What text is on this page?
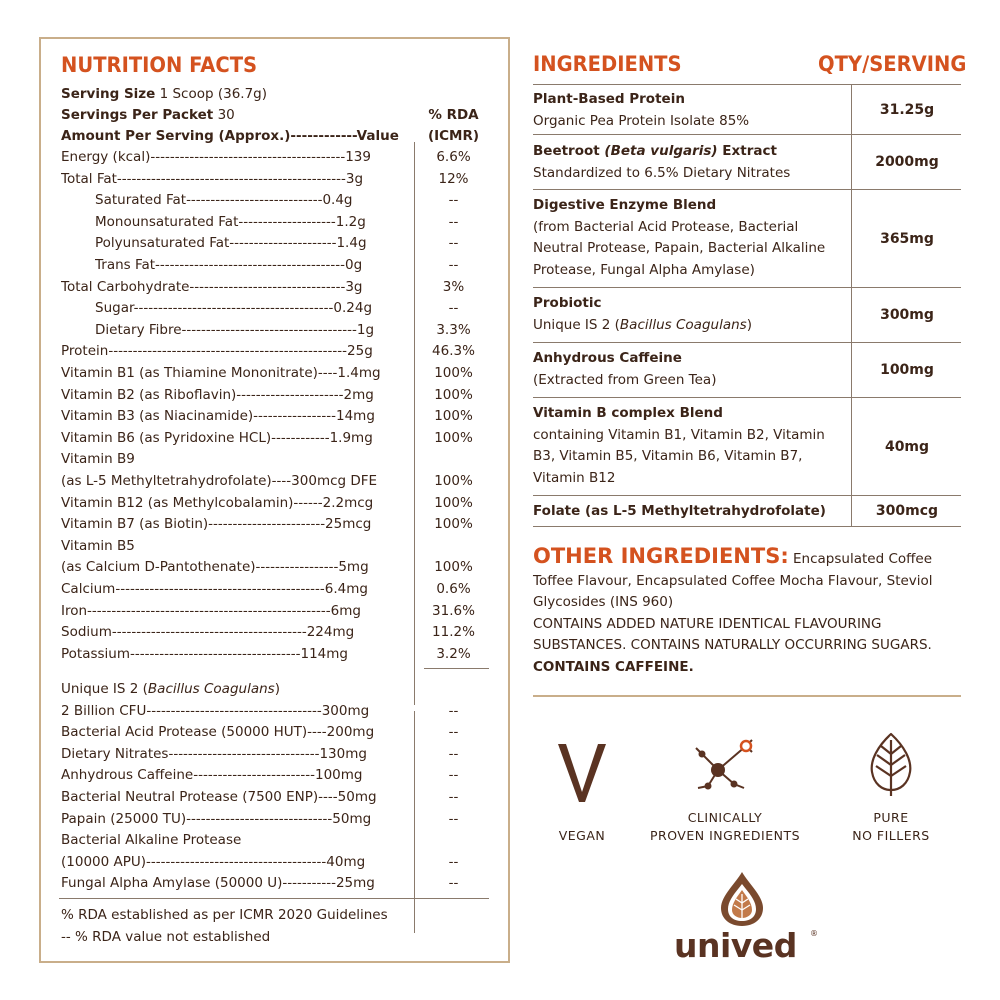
NUTRITION FACTS
Serving Size 1 Scoop (36.7g)
Servings Per Packet 30	% RDA
Amount Per Serving (Approx.)------------Value	(ICMR)
Energy (kcal)----------------------------------------139	6.6%
Total Fat-----------------------------------------------3g	12%
Saturated Fat----------------------------0.4g	--
Monounsaturated Fat--------------------1.2g	--
Polyunsaturated Fat----------------------1.4g	--
Trans Fat---------------------------------------0g	--
Total Carbohydrate--------------------------------3g	3%
Sugar-----------------------------------------0.24g	--
Dietary Fibre------------------------------------1g	3.3%
Protein-------------------------------------------------25g	46.3%
Vitamin B1 (as Thiamine Mononitrate)----1.4mg	100%
Vitamin B2 (as Riboflavin)----------------------2mg	100%
Vitamin B3 (as Niacinamide)-----------------14mg	100%
Vitamin B6 (as Pyridoxine HCL)------------1.9mg	100%
Vitamin B9
(as L-5 Methyltetrahydrofolate)----300mcg DFE	100%
Vitamin B12 (as Methylcobalamin)------2.2mcg	100%
Vitamin B7 (as Biotin)------------------------25mcg	100%
Vitamin B5
(as Calcium D-Pantothenate)-----------------5mg	100%
Calcium-------------------------------------------6.4mg	0.6%
Iron--------------------------------------------------6mg	31.6%
Sodium----------------------------------------224mg	11.2%
Potassium-----------------------------------114mg	3.2%
Unique IS 2 (Bacillus Coagulans)
2 Billion CFU------------------------------------300mg	--
Bacterial Acid Protease (50000 HUT)----200mg	--
Dietary Nitrates-------------------------------130mg	--
Anhydrous Caffeine-------------------------100mg	--
Bacterial Neutral Protease (7500 ENP)----50mg	--
Papain (25000 TU)------------------------------50mg	--
Bacterial Alkaline Protease
(10000 APU)-------------------------------------40mg	--
Fungal Alpha Amylase (50000 U)-----------25mg	--
% RDA established as per ICMR 2020 Guidelines
-- % RDA value not established
INGREDIENTS	QTY/SERVING
Plant-Based Protein
Organic Pea Protein Isolate 85%
31.25g
Beetroot (Beta vulgaris) Extract
Standardized to 6.5% Dietary Nitrates
2000mg
Digestive Enzyme Blend
(from Bacterial Acid Protease, Bacterial Neutral Protease, Papain, Bacterial Alkaline Protease, Fungal Alpha Amylase)
365mg
Probiotic
Unique IS 2 (Bacillus Coagulans)
300mg
Anhydrous Caffeine
(Extracted from Green Tea)
100mg
Vitamin B complex Blend
containing Vitamin B1, Vitamin B2, Vitamin B3, Vitamin B5, Vitamin B6, Vitamin B7, Vitamin B12
40mg
Folate (as L-5 Methyltetrahydrofolate)	300mcg
OTHER INGREDIENTS: Encapsulated Coffee Toffee Flavour, Encapsulated Coffee Mocha Flavour, Steviol Glycosides (INS 960)
CONTAINS ADDED NATURE IDENTICAL FLAVOURING SUBSTANCES. CONTAINS NATURALLY OCCURRING SUGARS.
CONTAINS CAFFEINE.
VEGAN
CLINICALLY
PROVEN INGREDIENTS
PURE
NO FILLERS
unived ®
